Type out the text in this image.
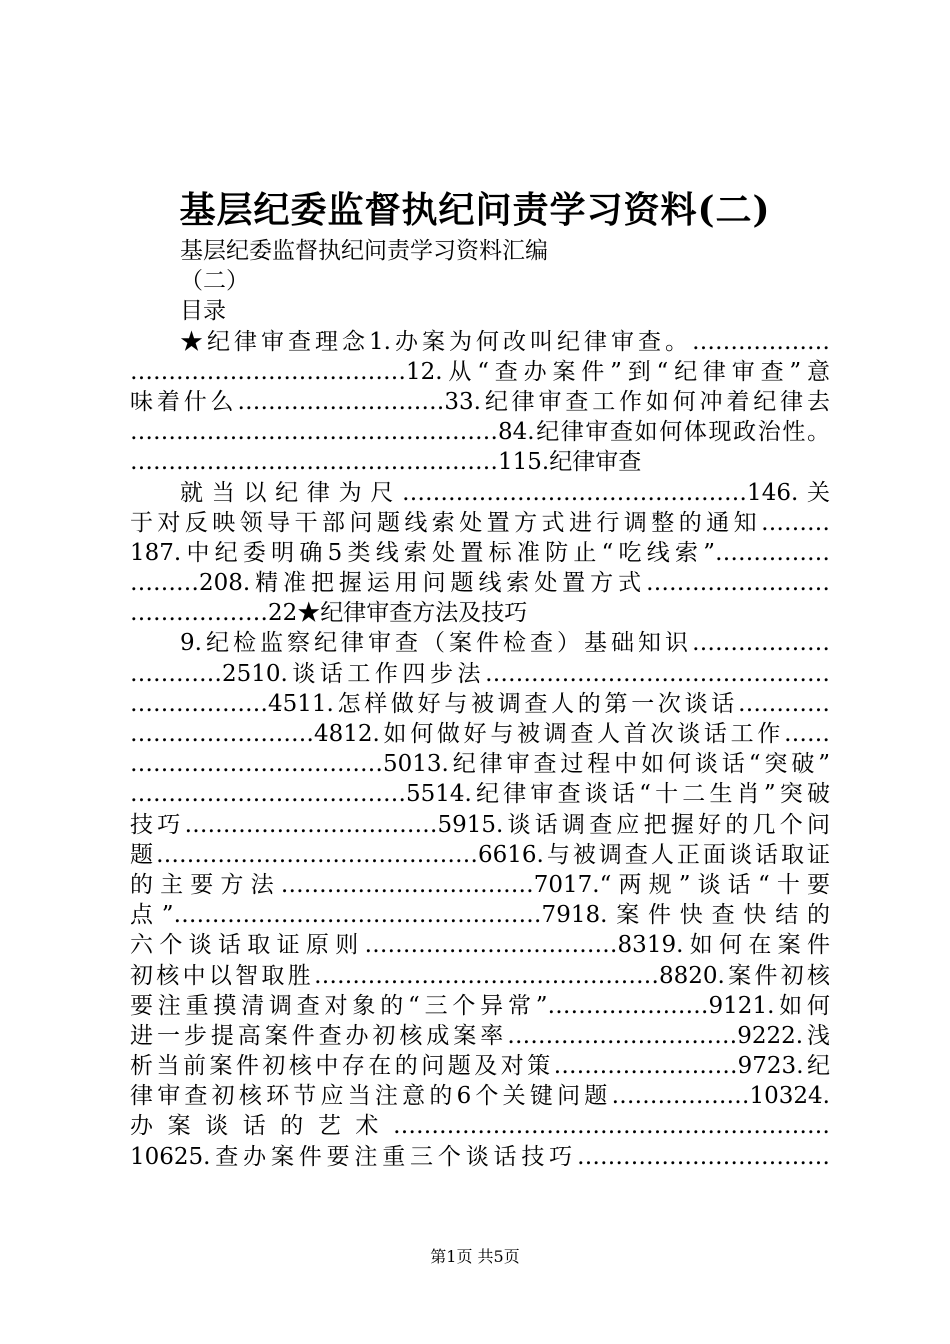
基层纪委监督执纪问责学习资料(二)
基层纪委监督执纪问责学习资料汇编
（二）
目录
★纪律审查理念1.办案为何改叫纪律审查。………………
………………………………12.从“查办案件”到“纪律审查”意
味着什么………………………33.纪律审查工作如何冲着纪律去
…………………………………………84.纪律审查如何体现政治性。
…………………………………………115.纪律审查
就当以纪律为尺………………………………………146.关
于对反映领导干部问题线索处置方式进行调整的通知………
187.中纪委明确5类线索处置标准防止“吃线索”……………
………208.精准把握运用问题线索处置方式……………………
………………22★纪律审查方法及技巧
9.纪检监察纪律审查（案件检查）基础知识………………
…………2510.谈话工作四步法………………………………………
………………4511.怎样做好与被调查人的第一次谈话…………
……………………4812.如何做好与被调查人首次谈话工作……
……………………………5013.纪律审查过程中如何谈话“突破”
………………………………5514.纪律审查谈话“十二生肖”突破
技巧……………………………5915.谈话调查应把握好的几个问
题……………………………………6616.与被调查人正面谈话取证
的主要方法……………………………7017.“两规”谈话“十要
点”…………………………………………7918.案件快查快结的
六个谈话取证原则……………………………8319.如何在案件
初核中以智取胜………………………………………8820.案件初核
要注重摸清调查对象的“三个异常”…………………9121.如何
进一步提高案件查办初核成案率…………………………9222.浅
析当前案件初核中存在的问题及对策……………………9723.纪
律审查初核环节应当注意的6个关键问题………………10324.
办案谈话的艺术…………………………………………………
10625.查办案件要注重三个谈话技巧……………………………
第1页 共5页
